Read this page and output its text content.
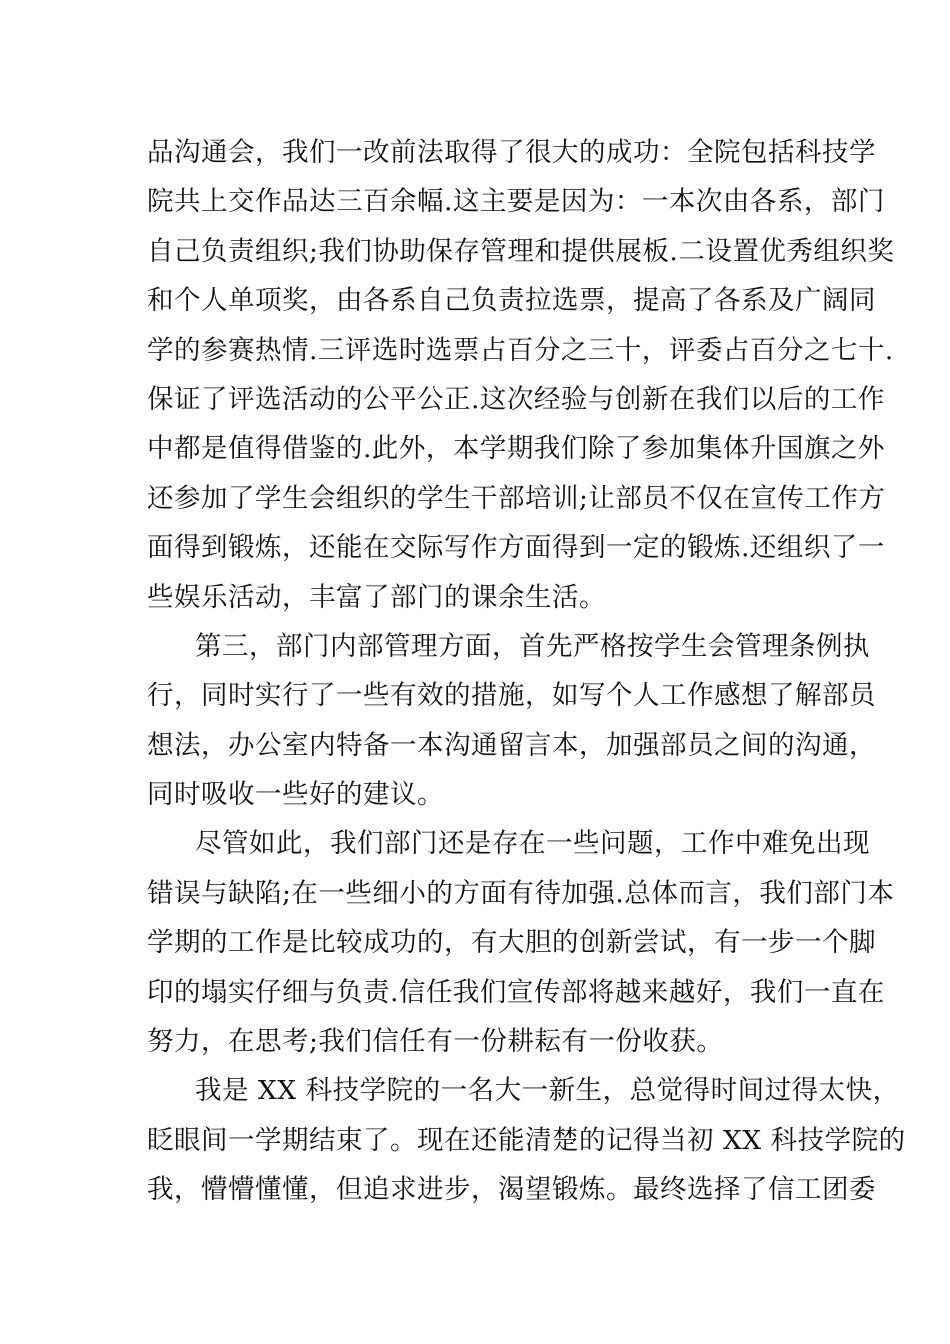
品沟通会，我们一改前法取得了很大的成功：全院包括科技学
院共上交作品达三百余幅.这主要是因为：一本次由各系，部门
自己负责组织;我们协助保存管理和提供展板.二设置优秀组织奖
和个人单项奖，由各系自己负责拉选票，提高了各系及广阔同
学的参赛热情.三评选时选票占百分之三十，评委占百分之七十.
保证了评选活动的公平公正.这次经验与创新在我们以后的工作
中都是值得借鉴的.此外，本学期我们除了参加集体升国旗之外
还参加了学生会组织的学生干部培训;让部员不仅在宣传工作方
面得到锻炼，还能在交际写作方面得到一定的锻炼.还组织了一
些娱乐活动，丰富了部门的课余生活。
第三，部门内部管理方面，首先严格按学生会管理条例执
行，同时实行了一些有效的措施，如写个人工作感想了解部员
想法，办公室内特备一本沟通留言本，加强部员之间的沟通，
同时吸收一些好的建议。
尽管如此，我们部门还是存在一些问题，工作中难免出现
错误与缺陷;在一些细小的方面有待加强.总体而言，我们部门本
学期的工作是比较成功的，有大胆的创新尝试，有一步一个脚
印的塌实仔细与负责.信任我们宣传部将越来越好，我们一直在
努力，在思考;我们信任有一份耕耘有一份收获。
我是 XX 科技学院的一名大一新生，总觉得时间过得太快，
眨眼间一学期结束了。现在还能清楚的记得当初 XX 科技学院的
我，懵懵懂懂，但追求进步，渴望锻炼。最终选择了信工团委
